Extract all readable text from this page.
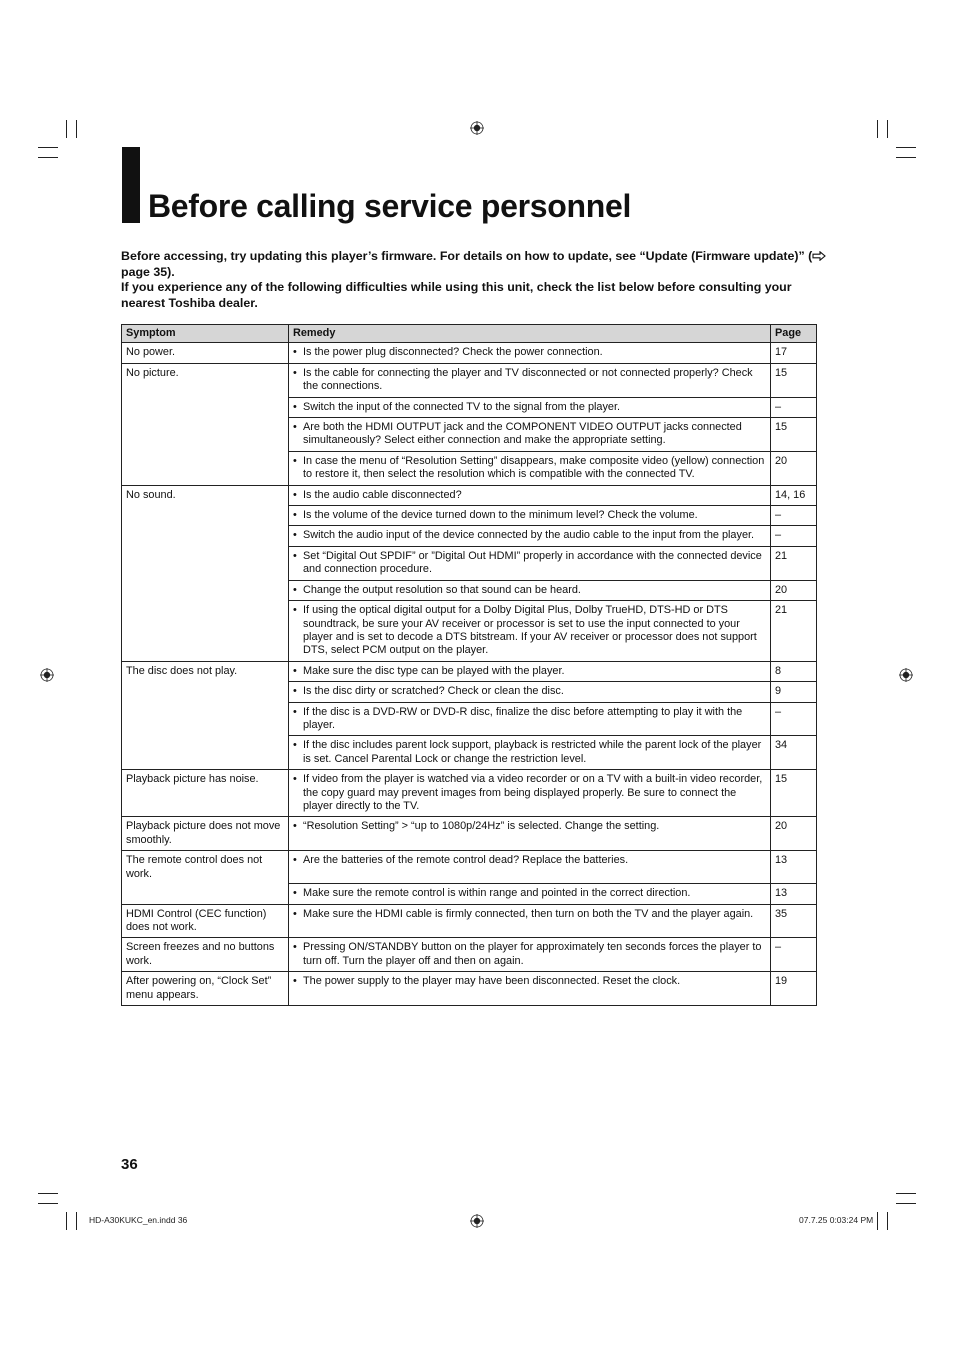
Before calling service personnel

Before accessing, try updating this player’s firmware. For details on how to update, see “Update (Firmware update)” ( page 35).

If you experience any of the following difficulties while using this unit, check the list below before consulting your nearest Toshiba dealer.

Symptom	Remedy	Page
No power.	• Is the power plug disconnected? Check the power connection.	17
No picture.	• Is the cable for connecting the player and TV disconnected or not connected properly? Check the connections.	15

	• Switch the input of the connected TV to the signal from the player.	–

	• Are both the HDMI OUTPUT jack and the COMPONENT VIDEO OUTPUT jacks connected simultaneously? Select either connection and make the appropriate setting.	15

	• In case the menu of “Resolution Setting” disappears, make composite video (yellow) connection to restore it, then select the resolution which is compatible with the connected TV.	20
No sound.	• Is the audio cable disconnected?	14, 16

	• Is the volume of the device turned down to the minimum level? Check the volume.	–

	• Switch the audio input of the device connected by the audio cable to the input from the player.	–

	• Set “Digital Out SPDIF” or ”Digital Out HDMI” properly in accordance with the connected device and connection procedure.	21

	• Change the output resolution so that sound can be heard.	20

	• If using the optical digital output for a Dolby Digital Plus, Dolby TrueHD, DTS-HD or DTS soundtrack, be sure your AV receiver or processor is set to use the input connected to your player and is set to decode a DTS bitstream. If your AV receiver or processor does not support DTS, select PCM output on the player.	21
The disc does not play.	• Make sure the disc type can be played with the player.	8

	• Is the disc dirty or scratched? Check or clean the disc.	9

	• If the disc is a DVD-RW or DVD-R disc, finalize the disc before attempting to play it with the player.	–

	• If the disc includes parent lock support, playback is restricted while the parent lock of the player is set. Cancel Parental Lock or change the restriction level.	34
Playback picture has noise.	• If video from the player is watched via a video recorder or on a TV with a built-in video recorder, the copy guard may prevent images from being displayed properly. Be sure to connect the player directly to the TV.	15
Playback picture does not move smoothly.	• “Resolution Setting” > “up to 1080p/24Hz” is selected. Change the setting.	20
The remote control does not work.	• Are the batteries of the remote control dead? Replace the batteries.	13

	• Make sure the remote control is within range and pointed in the correct direction.	13
HDMI Control (CEC function) does not work.	• Make sure the HDMI cable is firmly connected, then turn on both the TV and the player again.	35
Screen freezes and no buttons work.	• Pressing ON/STANDBY button on the player for approximately ten seconds forces the player to turn off. Turn the player off and then on again.	–
After powering on, “Clock Set” menu appears.	• The power supply to the player may have been disconnected. Reset the clock.	19
36
HD-A30KUKC_en.indd 36	07.7.25 0:03:24 PM
